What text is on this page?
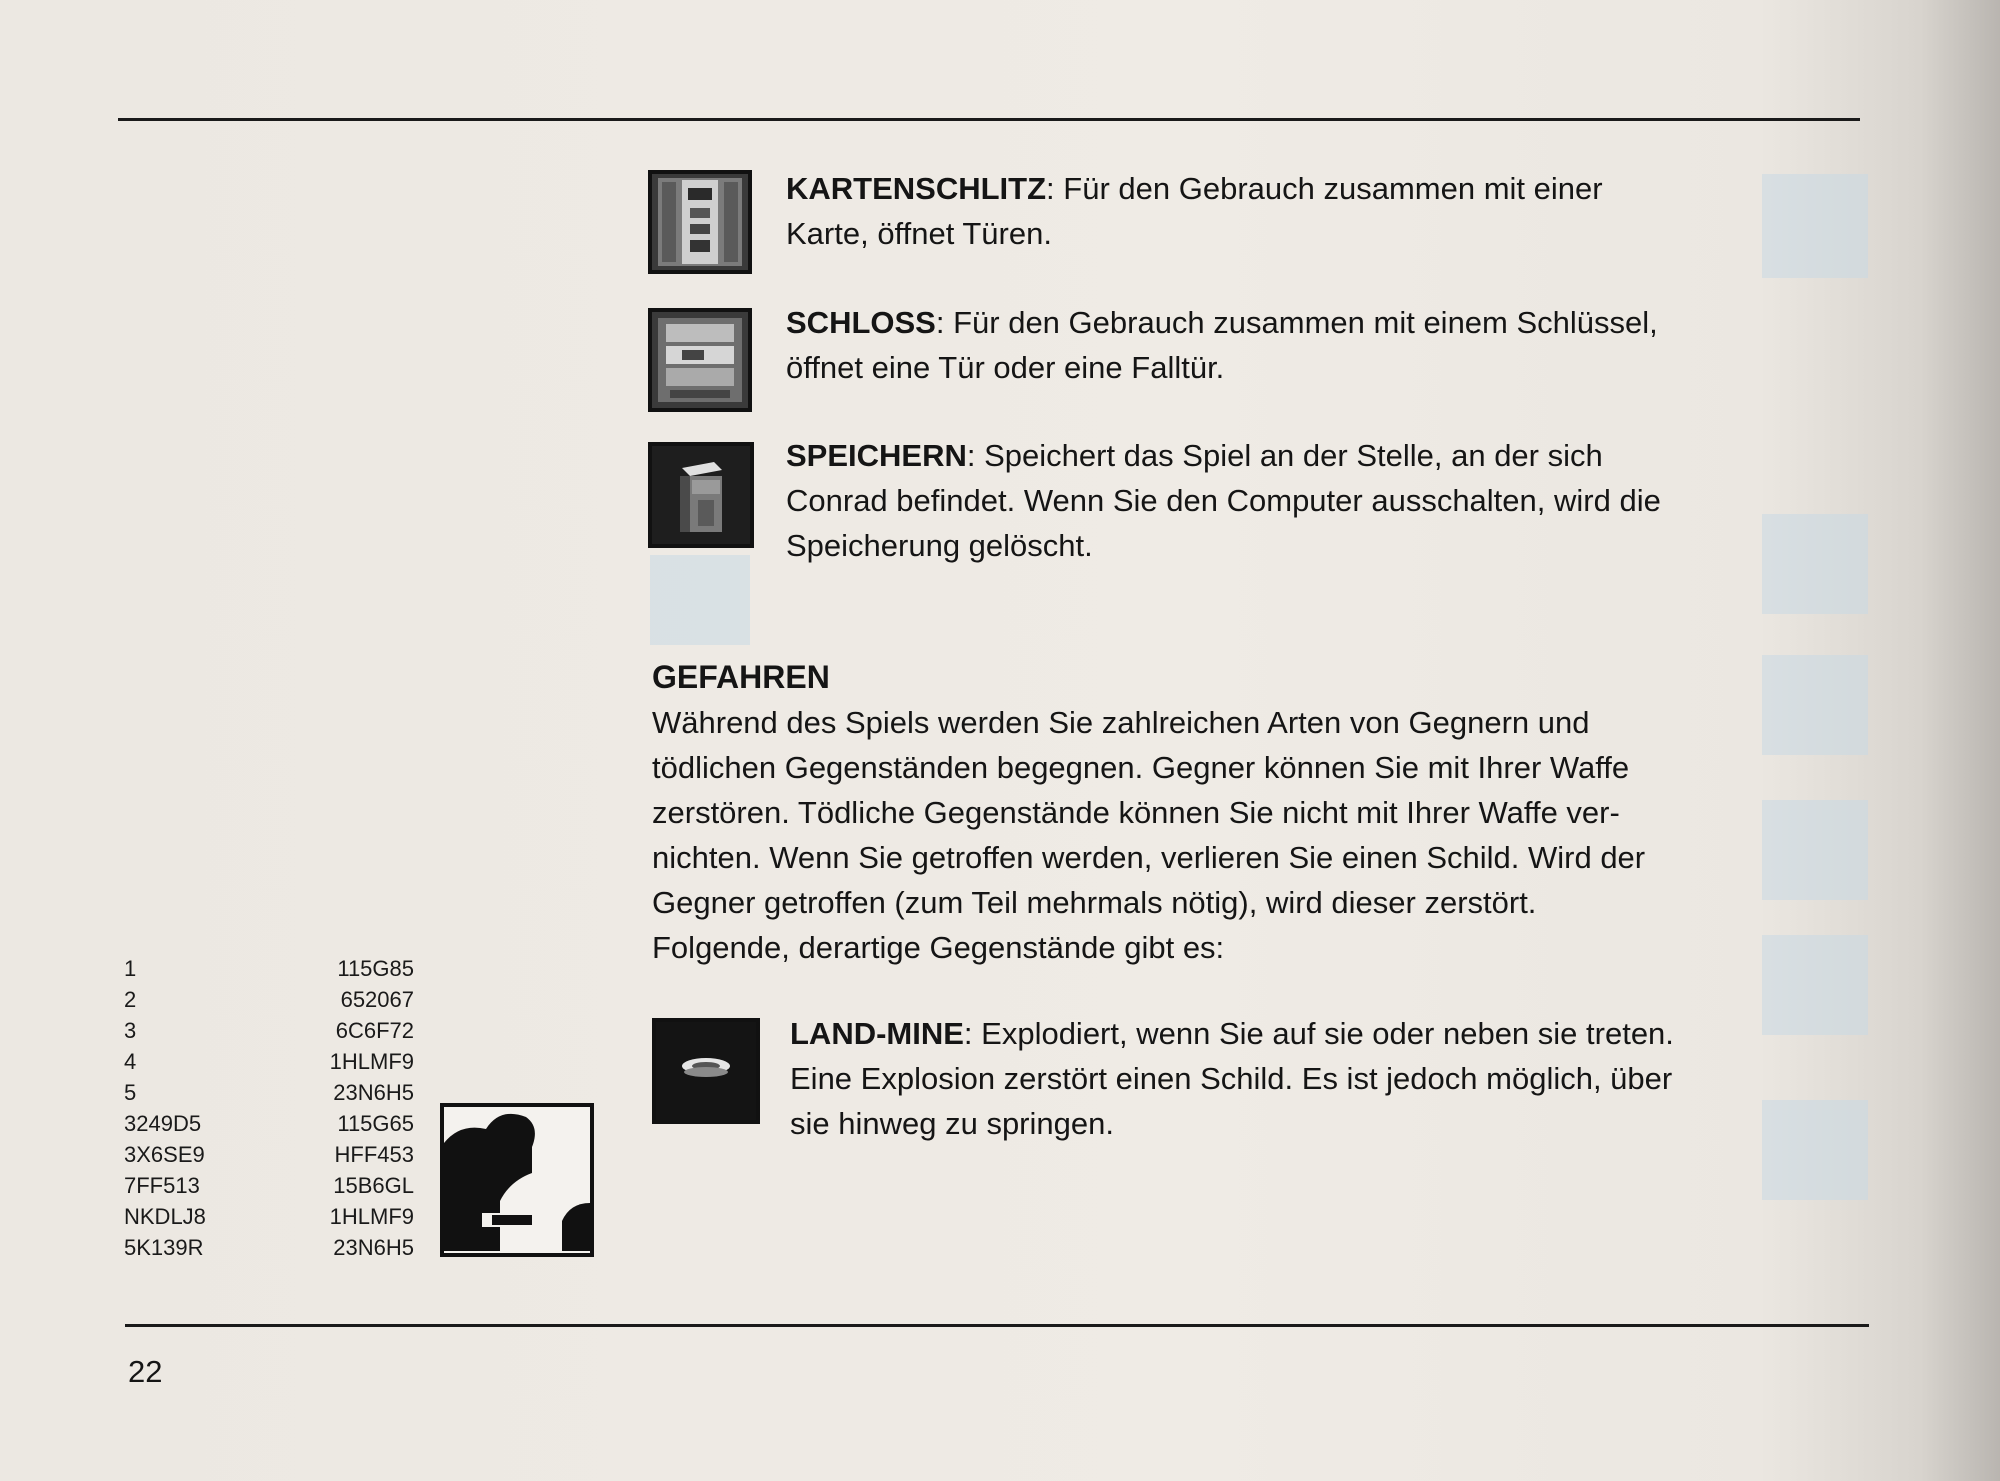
KARTENSCHLITZ: Für den Gebrauch zusammen mit einer
Karte, öffnet Türen.
SCHLOSS: Für den Gebrauch zusammen mit einem Schlüssel,
öffnet eine Tür oder eine Falltür.
SPEICHERN: Speichert das Spiel an der Stelle, an der sich
Conrad befindet. Wenn Sie den Computer ausschalten, wird die
Speicherung gelöscht.
GEFAHREN
Während des Spiels werden Sie zahlreichen Arten von Gegnern und
tödlichen Gegenständen begegnen. Gegner können Sie mit Ihrer Waffe
zerstören. Tödliche Gegenstände können Sie nicht mit Ihrer Waffe ver-
nichten. Wenn Sie getroffen werden, verlieren Sie einen Schild. Wird der
Gegner getroffen (zum Teil mehrmals nötig), wird dieser zerstört.
Folgende, derartige Gegenstände gibt es:
LAND-MINE: Explodiert, wenn Sie auf sie oder neben sie treten.
Eine Explosion zerstört einen Schild. Es ist jedoch möglich, über
sie hinweg zu springen.
1	115G85
2	652067
3	6C6F72
4	1HLMF9
5	23N6H5
3249D5	115G65
3X6SE9	HFF453
7FF513	15B6GL
NKDLJ8	1HLMF9
5K139R	23N6H5
22
